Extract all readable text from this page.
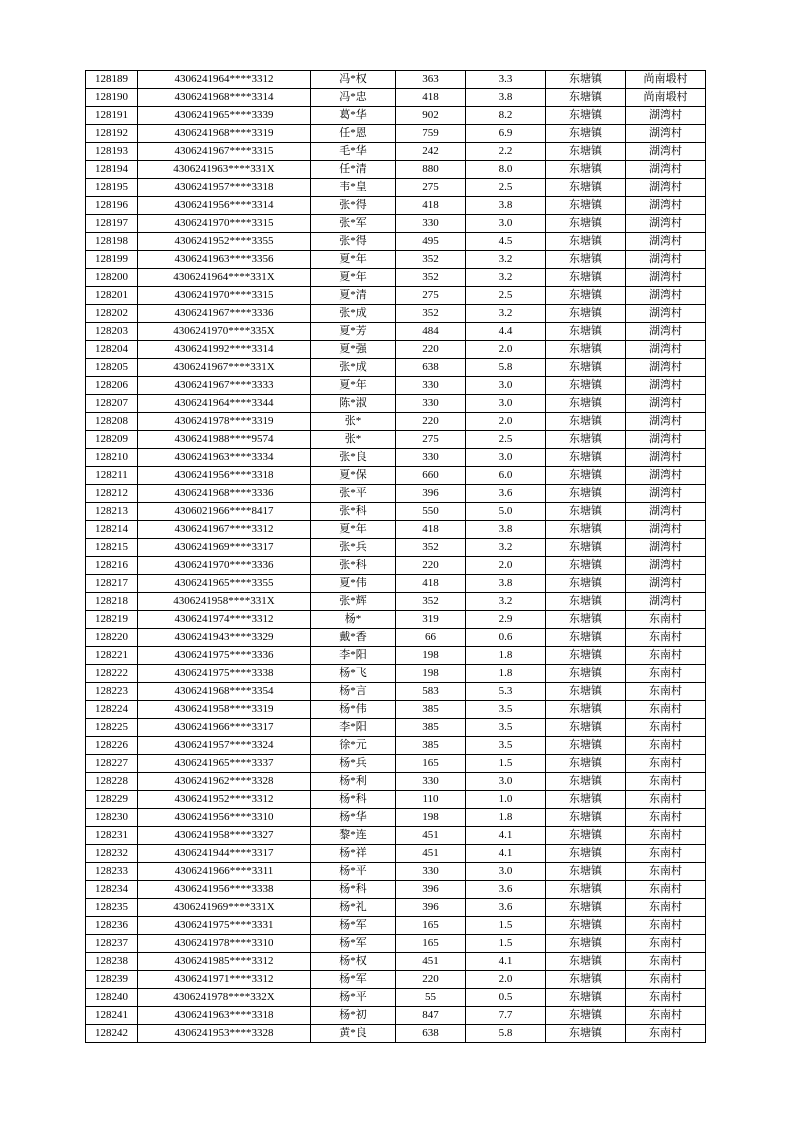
128189	4306241964****3312	冯*权	363	3.3	东塘镇	尚南塅村
128190	4306241968****3314	冯*忠	418	3.8	东塘镇	尚南塅村
128191	4306241965****3339	葛*华	902	8.2	东塘镇	湖湾村
128192	4306241968****3319	任*恩	759	6.9	东塘镇	湖湾村
128193	4306241967****3315	毛*华	242	2.2	东塘镇	湖湾村
128194	4306241963****331X	任*清	880	8.0	东塘镇	湖湾村
128195	4306241957****3318	韦*皇	275	2.5	东塘镇	湖湾村
128196	4306241956****3314	张*得	418	3.8	东塘镇	湖湾村
128197	4306241970****3315	张*军	330	3.0	东塘镇	湖湾村
128198	4306241952****3355	张*得	495	4.5	东塘镇	湖湾村
128199	4306241963****3356	夏*年	352	3.2	东塘镇	湖湾村
128200	4306241964****331X	夏*年	352	3.2	东塘镇	湖湾村
128201	4306241970****3315	夏*清	275	2.5	东塘镇	湖湾村
128202	4306241967****3336	张*成	352	3.2	东塘镇	湖湾村
128203	4306241970****335X	夏*芳	484	4.4	东塘镇	湖湾村
128204	4306241992****3314	夏*强	220	2.0	东塘镇	湖湾村
128205	4306241967****331X	张*成	638	5.8	东塘镇	湖湾村
128206	4306241967****3333	夏*年	330	3.0	东塘镇	湖湾村
128207	4306241964****3344	陈*淑	330	3.0	东塘镇	湖湾村
128208	4306241978****3319	张*	220	2.0	东塘镇	湖湾村
128209	4306241988****9574	张*	275	2.5	东塘镇	湖湾村
128210	4306241963****3334	张*良	330	3.0	东塘镇	湖湾村
128211	4306241956****3318	夏*保	660	6.0	东塘镇	湖湾村
128212	4306241968****3336	张*平	396	3.6	东塘镇	湖湾村
128213	4306021966****8417	张*科	550	5.0	东塘镇	湖湾村
128214	4306241967****3312	夏*年	418	3.8	东塘镇	湖湾村
128215	4306241969****3317	张*兵	352	3.2	东塘镇	湖湾村
128216	4306241970****3336	张*科	220	2.0	东塘镇	湖湾村
128217	4306241965****3355	夏*伟	418	3.8	东塘镇	湖湾村
128218	4306241958****331X	张*辉	352	3.2	东塘镇	湖湾村
128219	4306241974****3312	杨*	319	2.9	东塘镇	东南村
128220	4306241943****3329	戴*香	66	0.6	东塘镇	东南村
128221	4306241975****3336	李*阳	198	1.8	东塘镇	东南村
128222	4306241975****3338	杨*飞	198	1.8	东塘镇	东南村
128223	4306241968****3354	杨*言	583	5.3	东塘镇	东南村
128224	4306241958****3319	杨*伟	385	3.5	东塘镇	东南村
128225	4306241966****3317	李*阳	385	3.5	东塘镇	东南村
128226	4306241957****3324	徐*元	385	3.5	东塘镇	东南村
128227	4306241965****3337	杨*兵	165	1.5	东塘镇	东南村
128228	4306241962****3328	杨*利	330	3.0	东塘镇	东南村
128229	4306241952****3312	杨*科	110	1.0	东塘镇	东南村
128230	4306241956****3310	杨*华	198	1.8	东塘镇	东南村
128231	4306241958****3327	黎*连	451	4.1	东塘镇	东南村
128232	4306241944****3317	杨*祥	451	4.1	东塘镇	东南村
128233	4306241966****3311	杨*平	330	3.0	东塘镇	东南村
128234	4306241956****3338	杨*科	396	3.6	东塘镇	东南村
128235	4306241969****331X	杨*礼	396	3.6	东塘镇	东南村
128236	4306241975****3331	杨*军	165	1.5	东塘镇	东南村
128237	4306241978****3310	杨*军	165	1.5	东塘镇	东南村
128238	4306241985****3312	杨*权	451	4.1	东塘镇	东南村
128239	4306241971****3312	杨*军	220	2.0	东塘镇	东南村
128240	4306241978****332X	杨*平	55	0.5	东塘镇	东南村
128241	4306241963****3318	杨*初	847	7.7	东塘镇	东南村
128242	4306241953****3328	黄*良	638	5.8	东塘镇	东南村
